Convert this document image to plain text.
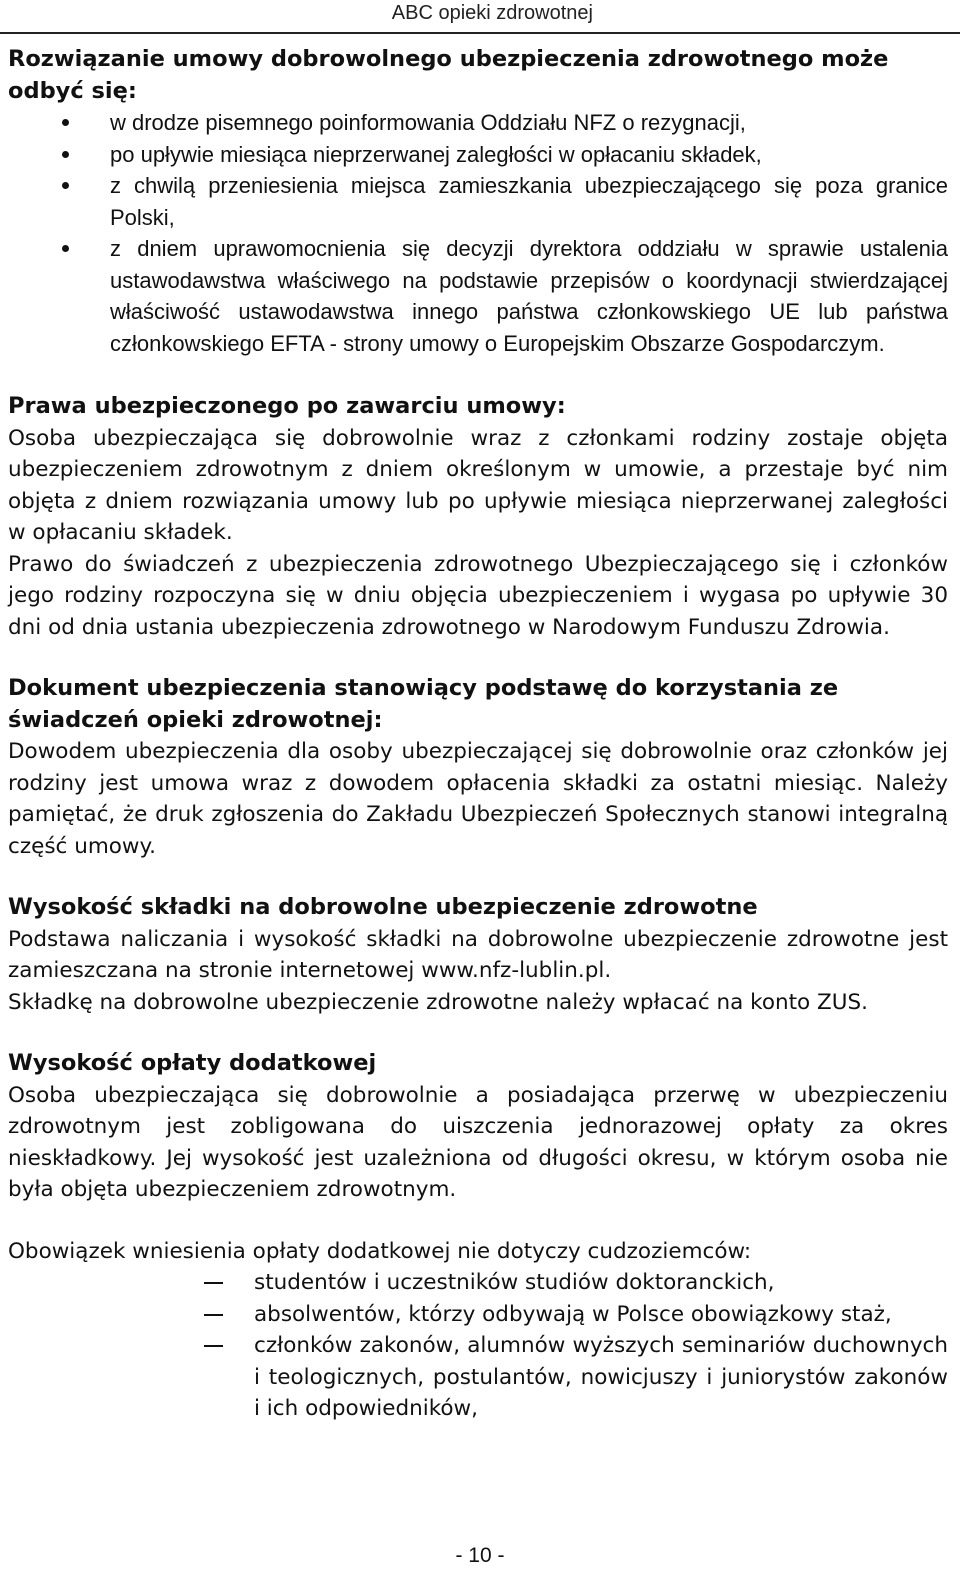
ABC opieki zdrowotnej

Rozwiązanie umowy dobrowolnego ubezpieczenia zdrowotnego może odbyć się:

w drodze pisemnego poinformowania Oddziału NFZ o rezygnacji,
po upływie miesiąca nieprzerwanej zaległości w opłacaniu składek,
z chwilą przeniesienia miejsca zamieszkania ubezpieczającego się poza granice Polski,
z dniem uprawomocnienia się decyzji dyrektora oddziału w sprawie ustalenia ustawodawstwa właściwego na podstawie przepisów o koordynacji stwierdzającej właściwość ustawodawstwa innego państwa członkowskiego UE lub państwa członkowskiego EFTA - strony umowy o Europejskim Obszarze Gospodarczym.

Prawa ubezpieczonego po zawarciu umowy:

Osoba ubezpieczająca się dobrowolnie wraz z członkami rodziny zostaje objęta ubezpieczeniem zdrowotnym z dniem określonym w umowie, a przestaje być nim objęta z dniem rozwiązania umowy lub po upływie miesiąca nieprzerwanej zaległości w opłacaniu składek.

Prawo do świadczeń z ubezpieczenia zdrowotnego Ubezpieczającego się i członków jego rodziny rozpoczyna się w dniu objęcia ubezpieczeniem i wygasa po upływie 30 dni od dnia ustania ubezpieczenia zdrowotnego w Narodowym Funduszu Zdrowia.

Dokument ubezpieczenia stanowiący podstawę do korzystania ze świadczeń opieki zdrowotnej:

Dowodem ubezpieczenia dla osoby ubezpieczającej się dobrowolnie oraz członków jej rodziny jest umowa wraz z dowodem opłacenia składki za ostatni miesiąc. Należy pamiętać, że druk zgłoszenia do Zakładu Ubezpieczeń Społecznych stanowi integralną część umowy.

Wysokość składki na dobrowolne ubezpieczenie zdrowotne

Podstawa naliczania i wysokość składki na dobrowolne ubezpieczenie zdrowotne jest zamieszczana na stronie internetowej www.nfz-lublin.pl.

Składkę na dobrowolne ubezpieczenie zdrowotne należy wpłacać na konto ZUS.

Wysokość opłaty dodatkowej

Osoba ubezpieczająca się dobrowolnie a posiadająca przerwę w ubezpieczeniu zdrowotnym jest zobligowana do uiszczenia jednorazowej opłaty za okres nieskładkowy. Jej wysokość jest uzależniona od długości okresu, w którym osoba nie była objęta ubezpieczeniem zdrowotnym.

Obowiązek wniesienia opłaty dodatkowej nie dotyczy cudzoziemców:

studentów i uczestników studiów doktoranckich,
absolwentów, którzy odbywają w Polsce obowiązkowy staż,
członków zakonów, alumnów wyższych seminariów duchownych i teologicznych, postulantów, nowicjuszy i juniorystów zakonów i ich odpowiedników,
- 10 -
